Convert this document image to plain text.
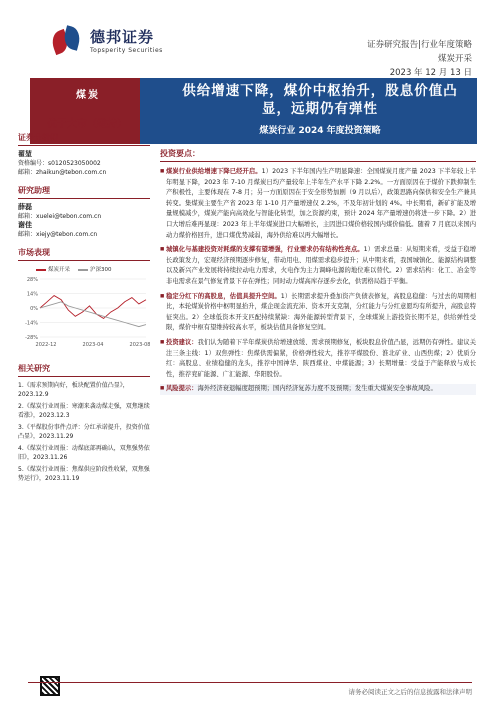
德邦证券
Topsperity Securities
证券研究报告|行业年度策略
煤炭开采
2023 年 12 月 13 日
煤炭	供给增速下降，煤价中枢抬升，股息价值凸显，远期仍有弹性
煤炭行业 2024 年度投资策略
优于大市（维持）
证券分析师
翟堃
资格编号：s0120523050002
邮箱：zhaikun@tebon.com.cn
研究助理
薛磊
邮箱：xuelei@tebon.com.cn
谢佳
邮箱：xiejy@tebon.com.cn
市场表现
煤炭开采	沪深300
28%
14%
0%
-14%
-28%
2022-12	2023-04	2023-08
相关研究
1.《需求预期向好，板块配置价值凸显》，2023.12.9
2.《煤炭行业周报：寒潮来袭动煤走强，双焦继续看涨》，2023.12.3
3.《平煤股份事件点评：分红承诺提升，投资价值凸显》，2023.11.29
4.《煤炭行业周报：动煤底部再确认，双焦强势依旧》，2023.11.26
5.《煤炭行业周报：焦煤供应阶段性收紧，双焦强势运行》，2023.11.19
投资要点：
■ 煤炭行业供给增速下降已经开启。1）2023 下半年国内生产明显降速：全国煤炭月度产量 2023 下半年较上半年明显下降，2023 年 7-10 月煤炭日均产量较年上半年生产水平下降 2.2%。一方面原因在于煤价下跌抑制生产积极性，主要体现在 7-8 月；另一方面原因在于安全形势加剧（9 月以后），政策思路向保供和安全生产兼具转变。集煤炭主要生产省 2023 年 1-10 月产量增速仅 2.2%，不及年初计划的 4%。中长期看，新矿扩能及增量规模减少，煤炭产能向高效化与智能化转型，加之资源约束，预计 2024 年产量增速仍将进一步下降。2）进口大增后难再显现：2023 年上半年煤炭进口大幅增长，主因进口煤价格较国内煤价偏低。随着 7 月底以来国内动力煤价格回升，进口煤优势减弱，海外供给难以再大幅增长。
■ 城镇化与基建投资对耗煤的支撑有望增强，行业需求仍有结构性亮点。1）需求总量：从短期来看，受益于稳增长政策发力，宏观经济预期逐步修复，带动用电、用煤需求稳步提升；从中期来看，我国城镇化、能源结构调整以及新兴产业发展将持续拉动电力需求，火电作为主力调峰电源的地位难以替代。2）需求结构：化工、冶金等非电需求在景气修复背景下存在弹性；同时动力煤高库存逐步去化，供需格局趋于平衡。
■ 稳定分红下的高股息，估值具提升空间。1）长期需求提升叠加资产负债表修复，高股息稳健：与过去的周期相比，本轮煤炭价格中枢明显抬升，煤企现金流充沛、资本开支克制，分红能力与分红意愿均有所提升，高股息特征突出。2）全球低资本开支匹配持续紧缺：海外能源转型背景下，全球煤炭上游投资长期不足，供给弹性受限，煤价中枢有望维持较高水平，板块估值具备修复空间。
■ 投资建议：我们认为随着下半年煤炭供给增速放缓、需求预期修复，板块股息价值凸显，远期仍有弹性。建议关注三条主线：1）双焦弹性：焦煤供需偏紧，价格弹性较大，推荐平煤股份、淮北矿业、山西焦煤；2）优质分红：高股息、业绩稳健的龙头，推荐中国神华、陕西煤业、中煤能源；3）长期增量：受益于产能释放与成长性，推荐兖矿能源、广汇能源、华阳股份。
■ 风险提示：海外经济衰退幅度超预期；国内经济复苏力度不及预期；发生重大煤炭安全事故风险。
请务必阅读正文之后的信息披露和法律声明
